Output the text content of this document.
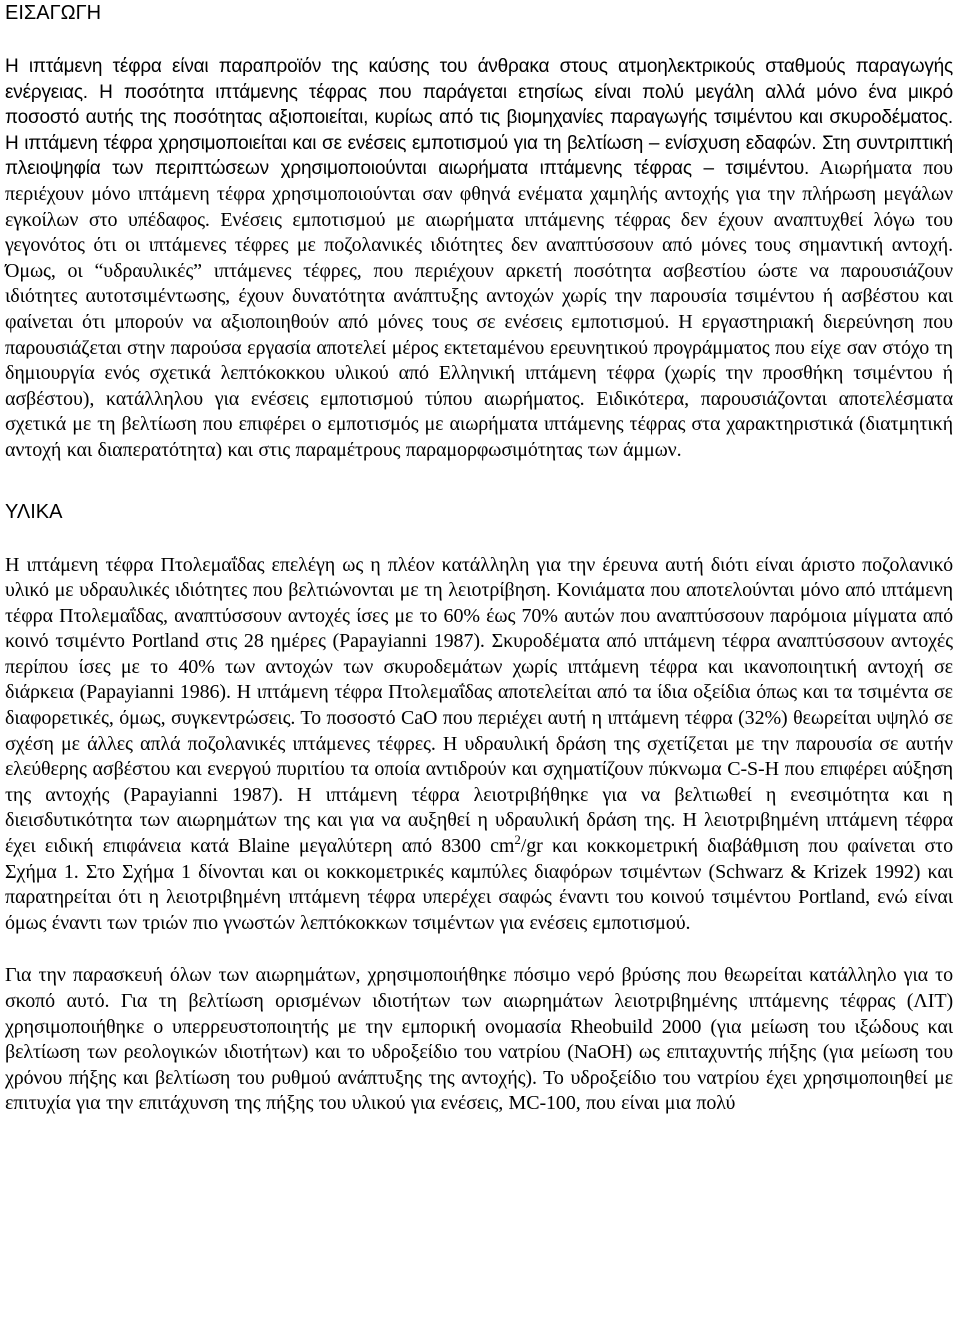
ΕΙΣΑΓΩΓΗ

Η ιπτάμενη τέφρα είναι παραπροϊόν της καύσης του άνθρακα στους ατμοηλεκτρικούς σταθμούς παραγωγής ενέργειας. Η ποσότητα ιπτάμενης τέφρας που παράγεται ετησίως είναι πολύ μεγάλη αλλά μόνο ένα μικρό ποσοστό αυτής της ποσότητας αξιοποιείται, κυρίως από τις βιομηχανίες παραγωγής τσιμέντου και σκυροδέματος. Η ιπτάμενη τέφρα χρησιμοποιείται και σε ενέσεις εμποτισμού για τη βελτίωση – ενίσχυση εδαφών. Στη συντριπτική πλειοψηφία των περιπτώσεων χρησιμοποιούνται αιωρήματα ιπτάμενης τέφρας – τσιμέντου. Αιωρήματα που περιέχουν μόνο ιπτάμενη τέφρα χρησιμοποιούνται σαν φθηνά ενέματα χαμηλής αντοχής για την πλήρωση μεγάλων εγκοίλων στο υπέδαφος. Ενέσεις εμποτισμού με αιωρήματα ιπτάμενης τέφρας δεν έχουν αναπτυχθεί λόγω του γεγονότος ότι οι ιπτάμενες τέφρες με ποζολανικές ιδιότητες δεν αναπτύσσουν από μόνες τους σημαντική αντοχή. Όμως, οι “υδραυλικές” ιπτάμενες τέφρες, που περιέχουν αρκετή ποσότητα ασβεστίου ώστε να παρουσιάζουν ιδιότητες αυτοτσιμέντωσης, έχουν δυνατότητα ανάπτυξης αντοχών χωρίς την παρουσία τσιμέντου ή ασβέστου και φαίνεται ότι μπορούν να αξιοποιηθούν από μόνες τους σε ενέσεις εμποτισμού. Η εργαστηριακή διερεύνηση που παρουσιάζεται στην παρούσα εργασία αποτελεί μέρος εκτεταμένου ερευνητικού προγράμματος που είχε σαν στόχο τη δημιουργία ενός σχετικά λεπτόκοκκου υλικού από Ελληνική ιπτάμενη τέφρα (χωρίς την προσθήκη τσιμέντου ή ασβέστου), κατάλληλου για ενέσεις εμποτισμού τύπου αιωρήματος. Ειδικότερα, παρουσιάζονται αποτελέσματα σχετικά με τη βελτίωση που επιφέρει ο εμποτισμός με αιωρήματα ιπτάμενης τέφρας στα χαρακτηριστικά (διατμητική αντοχή και διαπερατότητα) και στις παραμέτρους παραμορφωσιμότητας των άμμων.

ΥΛΙΚΑ

Η ιπτάμενη τέφρα Πτολεμαΐδας επελέγη ως η πλέον κατάλληλη για την έρευνα αυτή διότι είναι άριστο ποζολανικό υλικό με υδραυλικές ιδιότητες που βελτιώνονται με τη λειοτρίβηση. Κονιάματα που αποτελούνται μόνο από ιπτάμενη τέφρα Πτολεμαΐδας, αναπτύσσουν αντοχές ίσες με το 60% έως 70% αυτών που αναπτύσσουν παρόμοια μίγματα από κοινό τσιμέντο Portland στις 28 ημέρες (Papayianni 1987). Σκυροδέματα από ιπτάμενη τέφρα αναπτύσσουν αντοχές περίπου ίσες με το 40% των αντοχών των σκυροδεμάτων χωρίς ιπτάμενη τέφρα και ικανοποιητική αντοχή σε διάρκεια (Papayianni 1986). Η ιπτάμενη τέφρα Πτολεμαΐδας αποτελείται από τα ίδια οξείδια όπως και τα τσιμέντα σε διαφορετικές, όμως, συγκεντρώσεις. Το ποσοστό CaO που περιέχει αυτή η ιπτάμενη τέφρα (32%) θεωρείται υψηλό σε σχέση με άλλες απλά ποζολανικές ιπτάμενες τέφρες. Η υδραυλική δράση της σχετίζεται με την παρουσία σε αυτήν ελεύθερης ασβέστου και ενεργού πυριτίου τα οποία αντιδρούν και σχηματίζουν πύκνωμα C-S-H που επιφέρει αύξηση της αντοχής (Papayianni 1987). Η ιπτάμενη τέφρα λειοτριβήθηκε για να βελτιωθεί η ενεσιμότητα και η διεισδυτικότητα των αιωρημάτων της και για να αυξηθεί η υδραυλική δράση της. Η λειοτριβημένη ιπτάμενη τέφρα έχει ειδική επιφάνεια κατά Blaine μεγαλύτερη από 8300 $cm^2/gr$ και κοκκομετρική διαβάθμιση που φαίνεται στο Σχήμα 1. Στο Σχήμα 1 δίνονται και οι κοκκομετρικές καμπύλες διαφόρων τσιμέντων (Schwarz & Krizek 1992) και παρατηρείται ότι η λειοτριβημένη ιπτάμενη τέφρα υπερέχει σαφώς έναντι του κοινού τσιμέντου Portland, ενώ είναι όμως έναντι των τριών πιο γνωστών λεπτόκοκκων τσιμέντων για ενέσεις εμποτισμού.

Για την παρασκευή όλων των αιωρημάτων, χρησιμοποιήθηκε πόσιμο νερό βρύσης που θεωρείται κατάλληλο για το σκοπό αυτό. Για τη βελτίωση ορισμένων ιδιοτήτων των αιωρημάτων λειοτριβημένης ιπτάμενης τέφρας (ΛΙΤ) χρησιμοποιήθηκε ο υπερρευστοποιητής με την εμπορική ονομασία Rheobuild 2000 (για μείωση του ιξώδους και βελτίωση των ρεολογικών ιδιοτήτων) και το υδροξείδιο του νατρίου (NaOH) ως επιταχυντής πήξης (για μείωση του χρόνου πήξης και βελτίωση του ρυθμού ανάπτυξης της αντοχής). Το υδροξείδιο του νατρίου έχει χρησιμοποιηθεί με επιτυχία για την επιτάχυνση της πήξης του υλικού για ενέσεις, MC-100, που είναι μια πολύ
